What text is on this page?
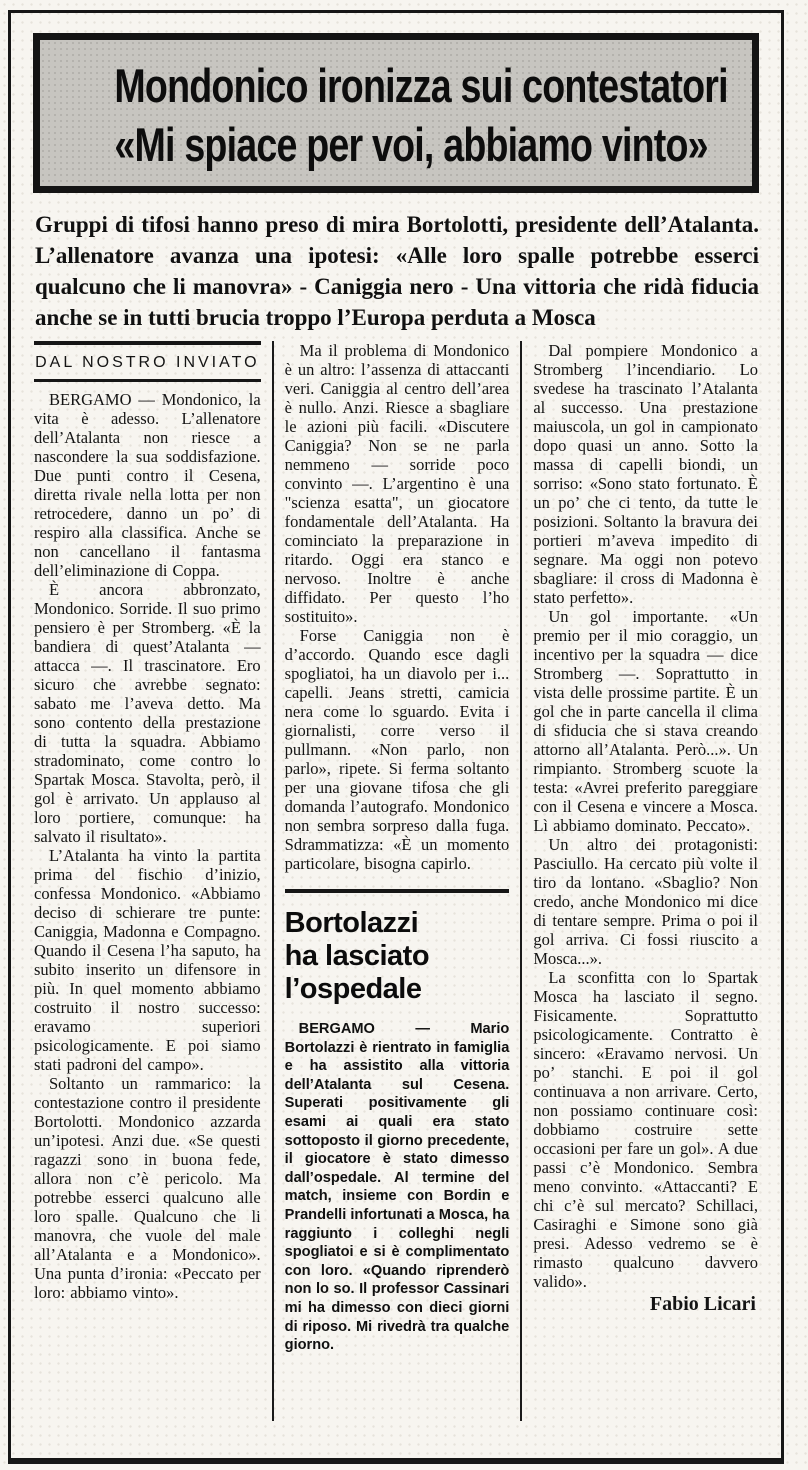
Mondonico ironizza sui contestatori
«Mi spiace per voi, abbiamo vinto»

Gruppi di tifosi hanno preso di mira Bortolotti, presidente dell’Atalanta. L’allenatore avanza una ipotesi: «Alle loro spalle potrebbe esserci qualcuno che li manovra» - Caniggia nero - Una vittoria che ridà fiducia anche se in tutti brucia troppo l’Europa perduta a Mosca

DAL NOSTRO INVIATO

BERGAMO — Mondonico, la vita è adesso. L’allenatore dell’Atalanta non riesce a nascondere la sua soddisfazione. Due punti contro il Cesena, diretta rivale nella lotta per non retrocedere, danno un po’ di respiro alla classifica. Anche se non cancellano il fantasma dell’eliminazione di Coppa.

È ancora abbronzato, Mondonico. Sorride. Il suo primo pensiero è per Stromberg. «È la bandiera di quest’Atalanta — attacca —. Il trascinatore. Ero sicuro che avrebbe segnato: sabato me l’aveva detto. Ma sono contento della prestazione di tutta la squadra. Abbiamo stradominato, come contro lo Spartak Mosca. Stavolta, però, il gol è arrivato. Un applauso al loro portiere, comunque: ha salvato il risultato».

L’Atalanta ha vinto la partita prima del fischio d’inizio, confessa Mondonico. «Abbiamo deciso di schierare tre punte: Caniggia, Madonna e Compagno. Quando il Cesena l’ha saputo, ha subito inserito un difensore in più. In quel momento abbiamo costruito il nostro successo: eravamo superiori psicologicamente. E poi siamo stati padroni del campo».

Soltanto un rammarico: la contestazione contro il presidente Bortolotti. Mondonico azzarda un’ipotesi. Anzi due. «Se questi ragazzi sono in buona fede, allora non c’è pericolo. Ma potrebbe esserci qualcuno alle loro spalle. Qualcuno che li manovra, che vuole del male all’Atalanta e a Mondonico». Una punta d’ironia: «Peccato per loro: abbiamo vinto».

Ma il problema di Mondonico è un altro: l’assenza di attaccanti veri. Caniggia al centro dell’area è nullo. Anzi. Riesce a sbagliare le azioni più facili. «Discutere Caniggia? Non se ne parla nemmeno — sorride poco convinto —. L’argentino è una "scienza esatta", un giocatore fondamentale dell’Atalanta. Ha cominciato la preparazione in ritardo. Oggi era stanco e nervoso. Inoltre è anche diffidato. Per questo l’ho sostituito».

Forse Caniggia non è d’accordo. Quando esce dagli spogliatoi, ha un diavolo per i... capelli. Jeans stretti, camicia nera come lo sguardo. Evita i giornalisti, corre verso il pullmann. «Non parlo, non parlo», ripete. Si ferma soltanto per una giovane tifosa che gli domanda l’autografo. Mondonico non sembra sorpreso dalla fuga. Sdrammatizza: «È un momento particolare, bisogna capirlo.

Bortolazzi
ha lasciato
l’ospedale

BERGAMO — Mario Bortolazzi è rientrato in famiglia e ha assistito alla vittoria dell’Atalanta sul Cesena. Superati positivamente gli esami ai quali era stato sottoposto il giorno precedente, il giocatore è stato dimesso dall’ospedale. Al termine del match, insieme con Bordin e Prandelli infortunati a Mosca, ha raggiunto i colleghi negli spogliatoi e si è complimentato con loro. «Quando riprenderò non lo so. Il professor Cassinari mi ha dimesso con dieci giorni di riposo. Mi rivedrà tra qualche giorno.

Dal pompiere Mondonico a Stromberg l’incendiario. Lo svedese ha trascinato l’Atalanta al successo. Una prestazione maiuscola, un gol in campionato dopo quasi un anno. Sotto la massa di capelli biondi, un sorriso: «Sono stato fortunato. È un po’ che ci tento, da tutte le posizioni. Soltanto la bravura dei portieri m’aveva impedito di segnare. Ma oggi non potevo sbagliare: il cross di Madonna è stato perfetto».

Un gol importante. «Un premio per il mio coraggio, un incentivo per la squadra — dice Stromberg —. Soprattutto in vista delle prossime partite. È un gol che in parte cancella il clima di sfiducia che si stava creando attorno all’Atalanta. Però...». Un rimpianto. Stromberg scuote la testa: «Avrei preferito pareggiare con il Cesena e vincere a Mosca. Lì abbiamo dominato. Peccato».

Un altro dei protagonisti: Pasciullo. Ha cercato più volte il tiro da lontano. «Sbaglio? Non credo, anche Mondonico mi dice di tentare sempre. Prima o poi il gol arriva. Ci fossi riuscito a Mosca...».

La sconfitta con lo Spartak Mosca ha lasciato il segno. Fisicamente. Soprattutto psicologicamente. Contratto è sincero: «Eravamo nervosi. Un po’ stanchi. E poi il gol continuava a non arrivare. Certo, non possiamo continuare così: dobbiamo costruire sette occasioni per fare un gol». A due passi c’è Mondonico. Sembra meno convinto. «Attaccanti? E chi c’è sul mercato? Schillaci, Casiraghi e Simone sono già presi. Adesso vedremo se è rimasto qualcuno davvero valido».

Fabio Licari
